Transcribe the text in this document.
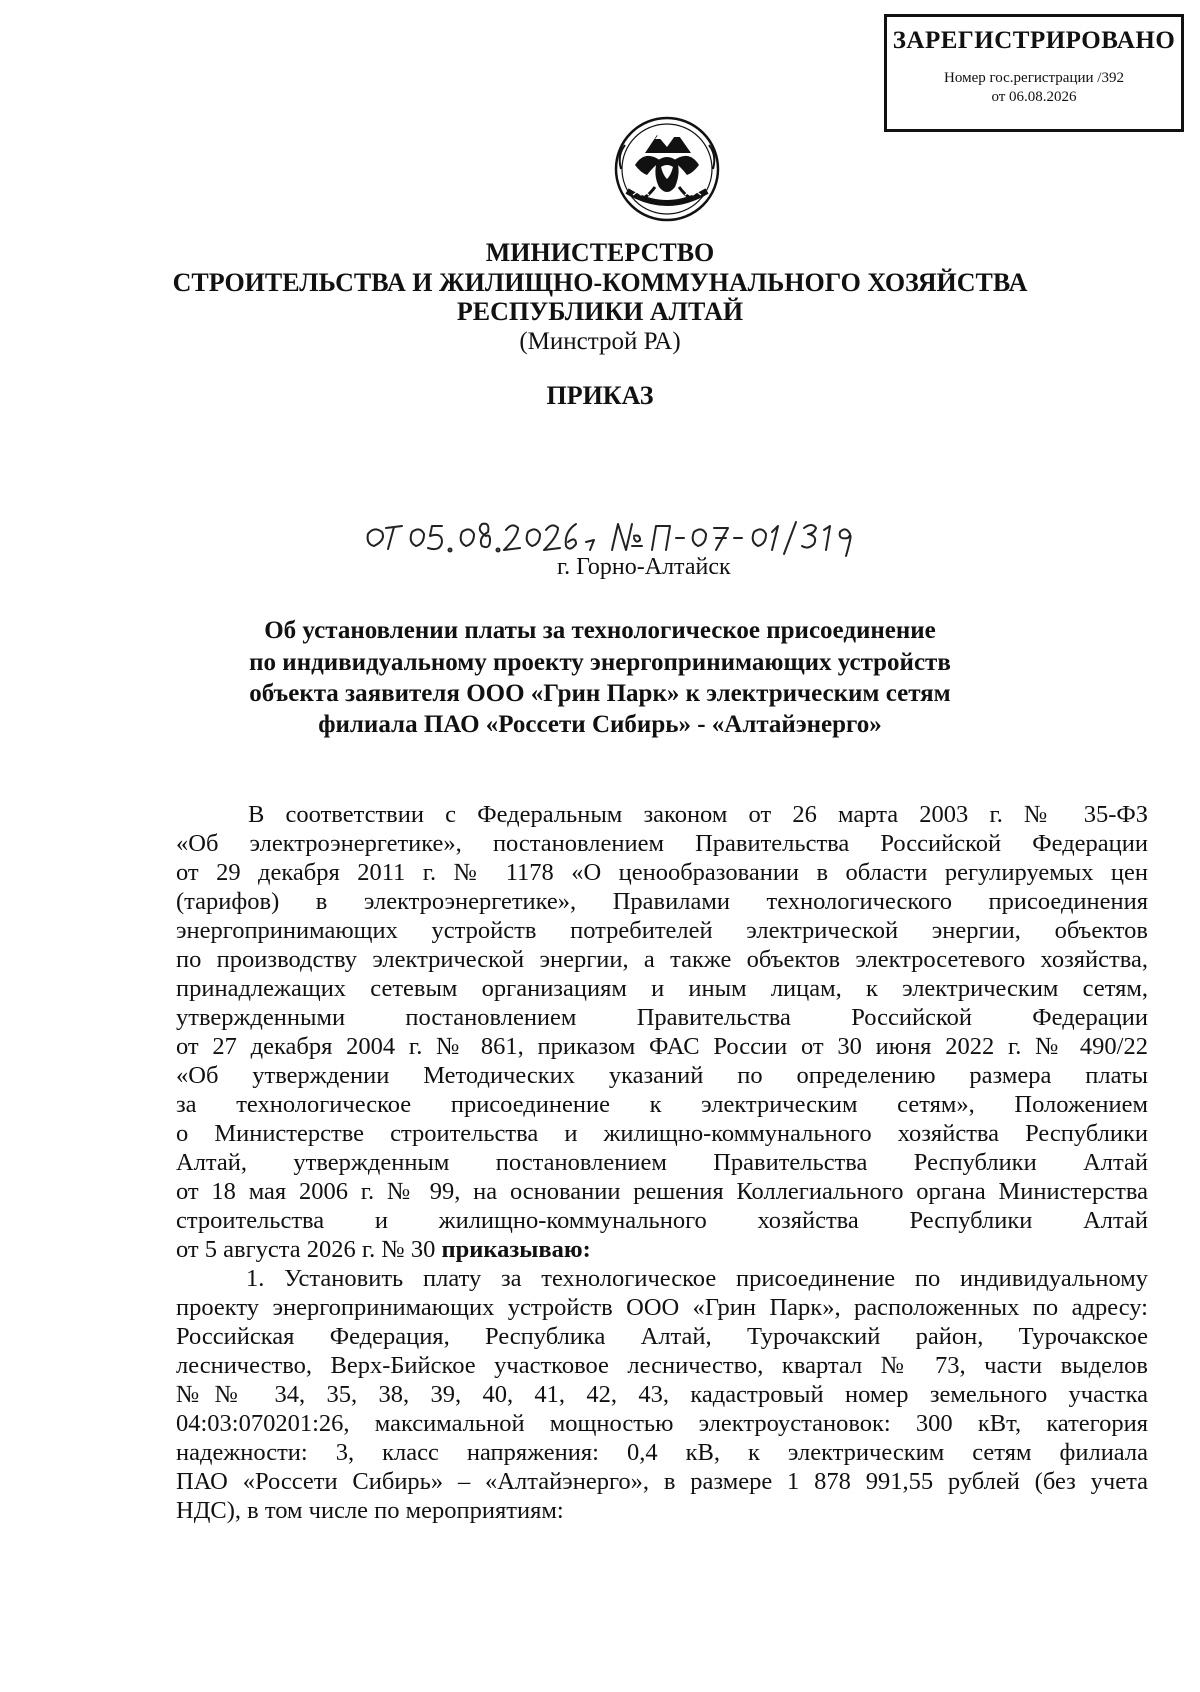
ЗАРЕГИСТРИРОВАНО
Номер гос.регистрации /392
от 06.08.2026
МИНИСТЕРСТВО
СТРОИТЕЛЬСТВА И ЖИЛИЩНО-КОММУНАЛЬНОГО ХОЗЯЙСТВА
РЕСПУБЛИКИ АЛТАЙ
(Минстрой РА)
ПРИКАЗ
г. Горно-Алтайск
Об установлении платы за технологическое присоединение
по индивидуальному проекту энергопринимающих устройств
объекта заявителя ООО «Грин Парк» к электрическим сетям
филиала ПАО «Россети Сибирь» - «Алтайэнерго»
В соответствии с Федеральным законом от 26 марта 2003 г. № 35-ФЗ
«Об электроэнергетике», постановлением Правительства Российской Федерации
от 29 декабря 2011 г. № 1178 «О ценообразовании в области регулируемых цен
(тарифов) в электроэнергетике», Правилами технологического присоединения
энергопринимающих устройств потребителей электрической энергии, объектов
по производству электрической энергии, а также объектов электросетевого хозяйства,
принадлежащих сетевым организациям и иным лицам, к электрическим сетям,
утвержденными постановлением Правительства Российской Федерации
от 27 декабря 2004 г. № 861, приказом ФАС России от 30 июня 2022 г. № 490/22
«Об утверждении Методических указаний по определению размера платы
за технологическое присоединение к электрическим сетям», Положением
о Министерстве строительства и жилищно-коммунального хозяйства Республики
Алтай, утвержденным постановлением Правительства Республики Алтай
от 18 мая 2006 г. № 99, на основании решения Коллегиального органа Министерства
строительства и жилищно-коммунального хозяйства Республики Алтай
от 5 августа 2026 г. № 30 приказываю:
1. Установить плату за технологическое присоединение по индивидуальному
проекту энергопринимающих устройств ООО «Грин Парк», расположенных по адресу:
Российская Федерация, Республика Алтай, Турочакский район, Турочакское
лесничество, Верх-Бийское участковое лесничество, квартал № 73, части выделов
№№ 34, 35, 38, 39, 40, 41, 42, 43, кадастровый номер земельного участка
04:03:070201:26, максимальной мощностью электроустановок: 300 кВт, категория
надежности: 3, класс напряжения: 0,4 кВ, к электрическим сетям филиала
ПАО «Россети Сибирь» – «Алтайэнерго», в размере 1 878 991,55 рублей (без учета
НДС), в том числе по мероприятиям:
